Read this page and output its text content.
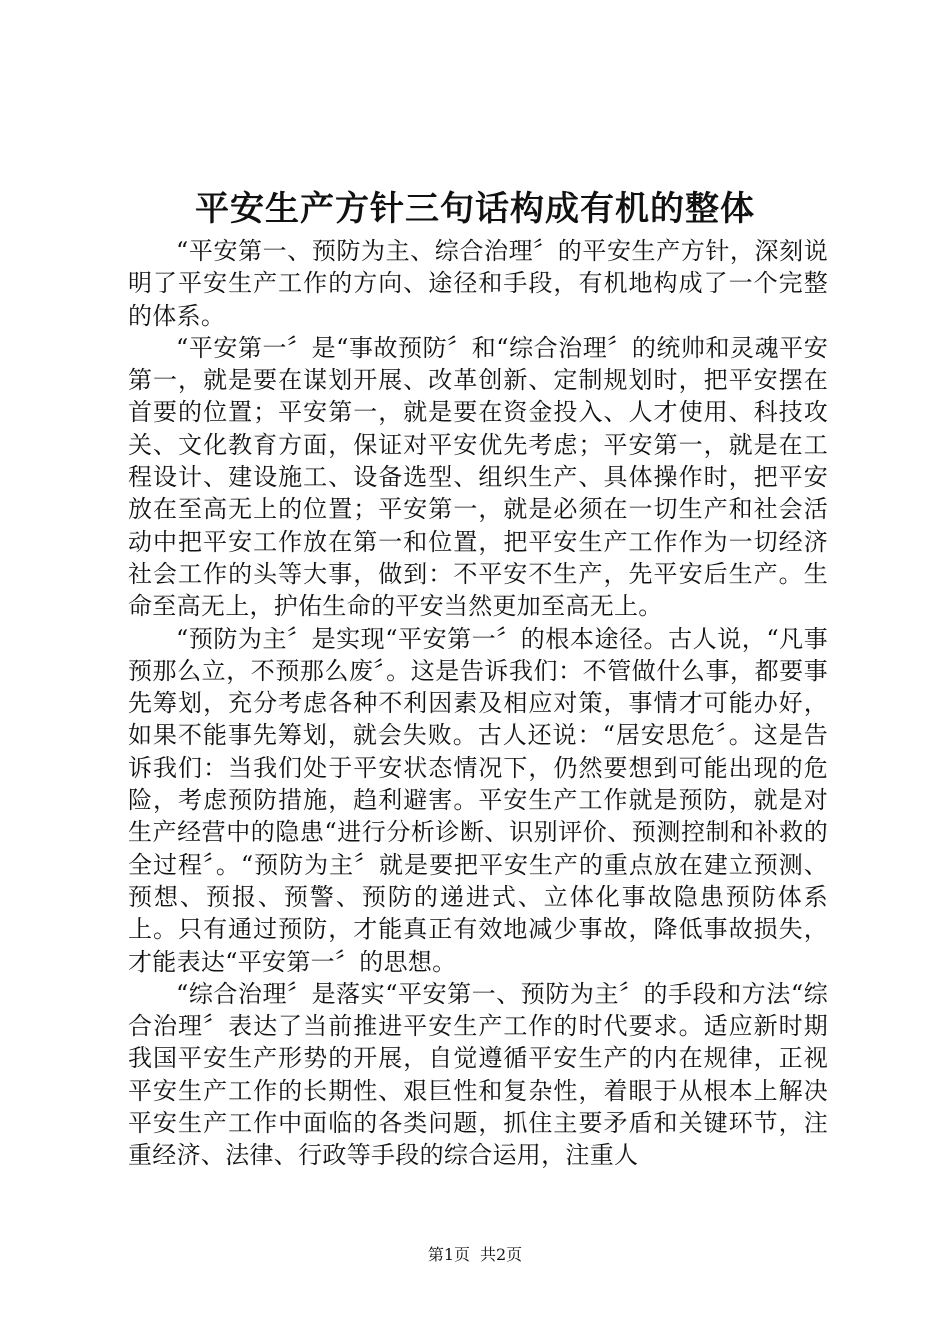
平安生产方针三句话构成有机的整体

“平安第一、预防为主、综合治理〞的平安生产方针，深刻说明了平安生产工作的方向、途径和手段，有机地构成了一个完整的体系。

“平安第一〞是“事故预防〞和“综合治理〞的统帅和灵魂平安第一，就是要在谋划开展、改革创新、定制规划时，把平安摆在首要的位置；平安第一，就是要在资金投入、人才使用、科技攻关、文化教育方面，保证对平安优先考虑；平安第一，就是在工程设计、建设施工、设备选型、组织生产、具体操作时，把平安放在至高无上的位置；平安第一，就是必须在一切生产和社会活动中把平安工作放在第一和位置，把平安生产工作作为一切经济社会工作的头等大事，做到：不平安不生产，先平安后生产。生命至高无上，护佑生命的平安当然更加至高无上。

“预防为主〞是实现“平安第一〞的根本途径。古人说，“凡事预那么立，不预那么废〞。这是告诉我们：不管做什么事，都要事先筹划，充分考虑各种不利因素及相应对策，事情才可能办好，如果不能事先筹划，就会失败。古人还说：“居安思危〞。这是告诉我们：当我们处于平安状态情况下，仍然要想到可能出现的危险，考虑预防措施，趋利避害。平安生产工作就是预防，就是对生产经营中的隐患“进行分析诊断、识别评价、预测控制和补救的全过程〞。“预防为主〞就是要把平安生产的重点放在建立预测、预想、预报、预警、预防的递进式、立体化事故隐患预防体系上。只有通过预防，才能真正有效地减少事故，降低事故损失，才能表达“平安第一〞的思想。

“综合治理〞是落实“平安第一、预防为主〞的手段和方法“综合治理〞表达了当前推进平安生产工作的时代要求。适应新时期我国平安生产形势的开展，自觉遵循平安生产的内在规律，正视平安生产工作的长期性、艰巨性和复杂性，着眼于从根本上解决平安生产工作中面临的各类问题，抓住主要矛盾和关键环节，注重经济、法律、行政等手段的综合运用，注重人

第1页 共2页
